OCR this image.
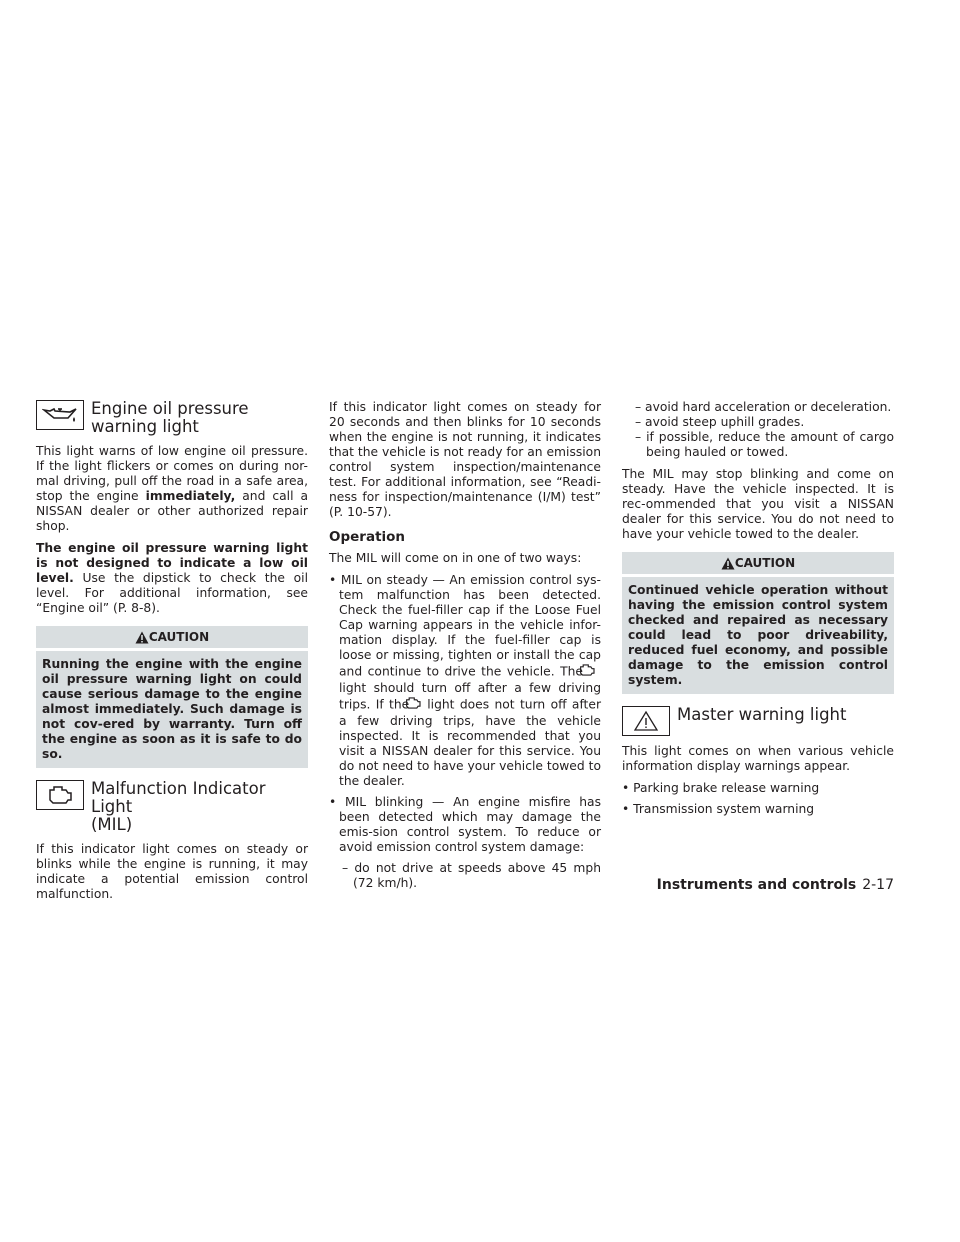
Engine oil pressure
warning light

This light warns of low engine oil pressure. If the light flickers or comes on during nor-mal driving, pull off the road in a safe area, stop the engine immediately, and call a NISSAN dealer or other authorized repair shop.

The engine oil pressure warning light is not designed to indicate a low oil level. Use the dipstick to check the oil level. For additional information, see “Engine oil” (P. 8-8).

CAUTION
Running the engine with the engine oil pressure warning light on could cause serious damage to the engine almost immediately. Such damage is not cov-ered by warranty. Turn off the engine as soon as it is safe to do so.
Malfunction Indicator Light
(MIL)

If this indicator light comes on steady or blinks while the engine is running, it may indicate a potential emission control malfunction.

If this indicator light comes on steady for 20 seconds and then blinks for 10 seconds when the engine is not running, it indicates that the vehicle is not ready for an emission control system inspection/maintenance test. For additional information, see “Readi-ness for inspection/maintenance (I/M) test” (P. 10-57).

Operation

The MIL will come on in one of two ways:

• MIL on steady — An emission control sys-tem malfunction has been detected. Check the fuel-filler cap if the Loose Fuel Cap warning appears in the vehicle infor-mation display. If the fuel-filler cap is loose or missing, tighten or install the cap and continue to drive the vehicle. Thelight should turn off after a few driving trips. If the light does not turn off after a few driving trips, have the vehicle inspected. It is recommended that you visit a NISSAN dealer for this service. You do not need to have your vehicle towed to the dealer.
• MIL blinking — An engine misfire has been detected which may damage the emis-sion control system. To reduce or avoid emission control system damage:
– do not drive at speeds above 45 mph (72 km/h).
– avoid hard acceleration or deceleration.
– avoid steep uphill grades.
– if possible, reduce the amount of cargo being hauled or towed.

The MIL may stop blinking and come on steady. Have the vehicle inspected. It is rec-ommended that you visit a NISSAN dealer for this service. You do not need to have your vehicle towed to the dealer.

CAUTION
Continued vehicle operation without having the emission control system checked and repaired as necessary could lead to poor driveability, reduced fuel economy, and possible damage to the emission control system.
Master warning light

This light comes on when various vehicle information display warnings appear.

• Parking brake release warning
• Transmission system warning
Instruments and controls 2-17
